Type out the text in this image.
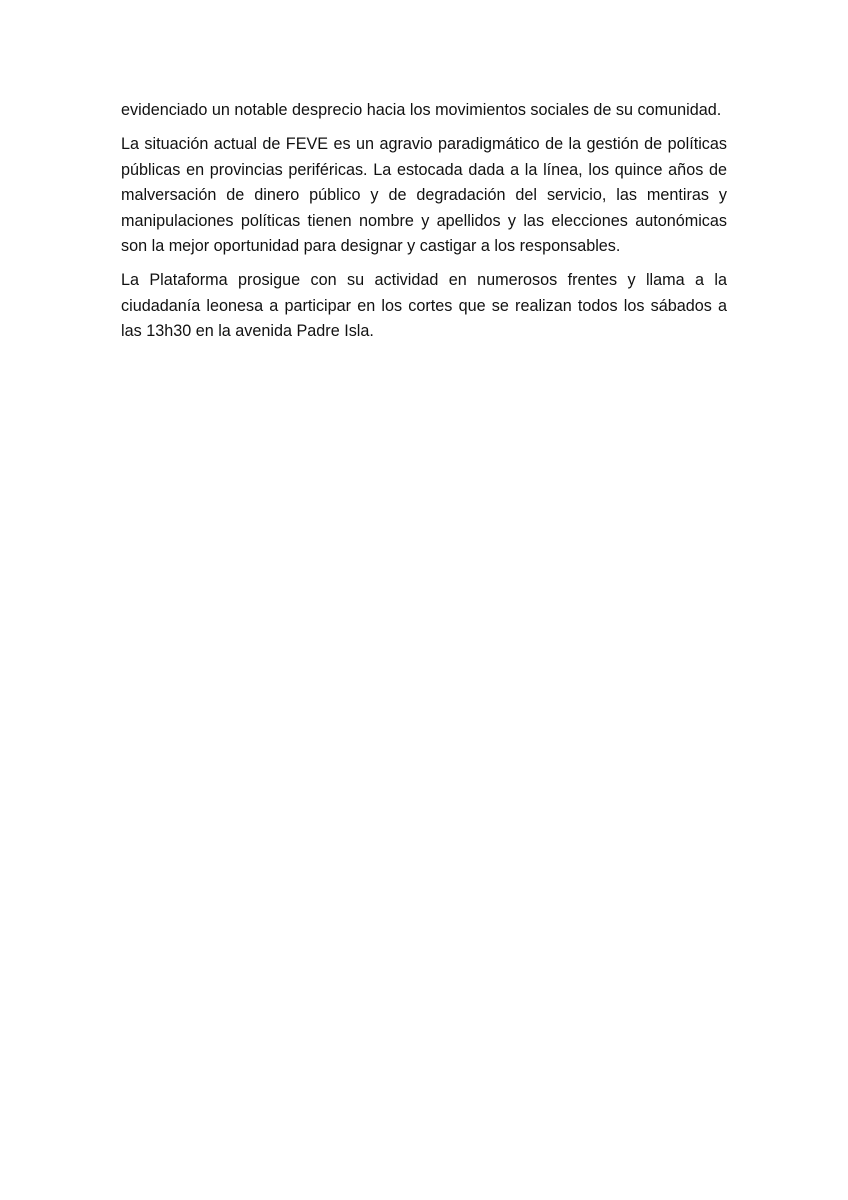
evidenciado un notable desprecio hacia los movimientos sociales de su comunidad.

La situación actual de FEVE es un agravio paradigmático de la gestión de políticas públicas en provincias periféricas. La estocada dada a la línea, los quince años de malversación de dinero público y de degradación del servicio, las mentiras y manipulaciones políticas tienen nombre y apellidos y las elecciones autonómicas son la mejor oportunidad para designar y castigar a los responsables.

La Plataforma prosigue con su actividad en numerosos frentes y llama a la ciudadanía leonesa a participar en los cortes que se realizan todos los sábados a las 13h30 en la avenida Padre Isla.
